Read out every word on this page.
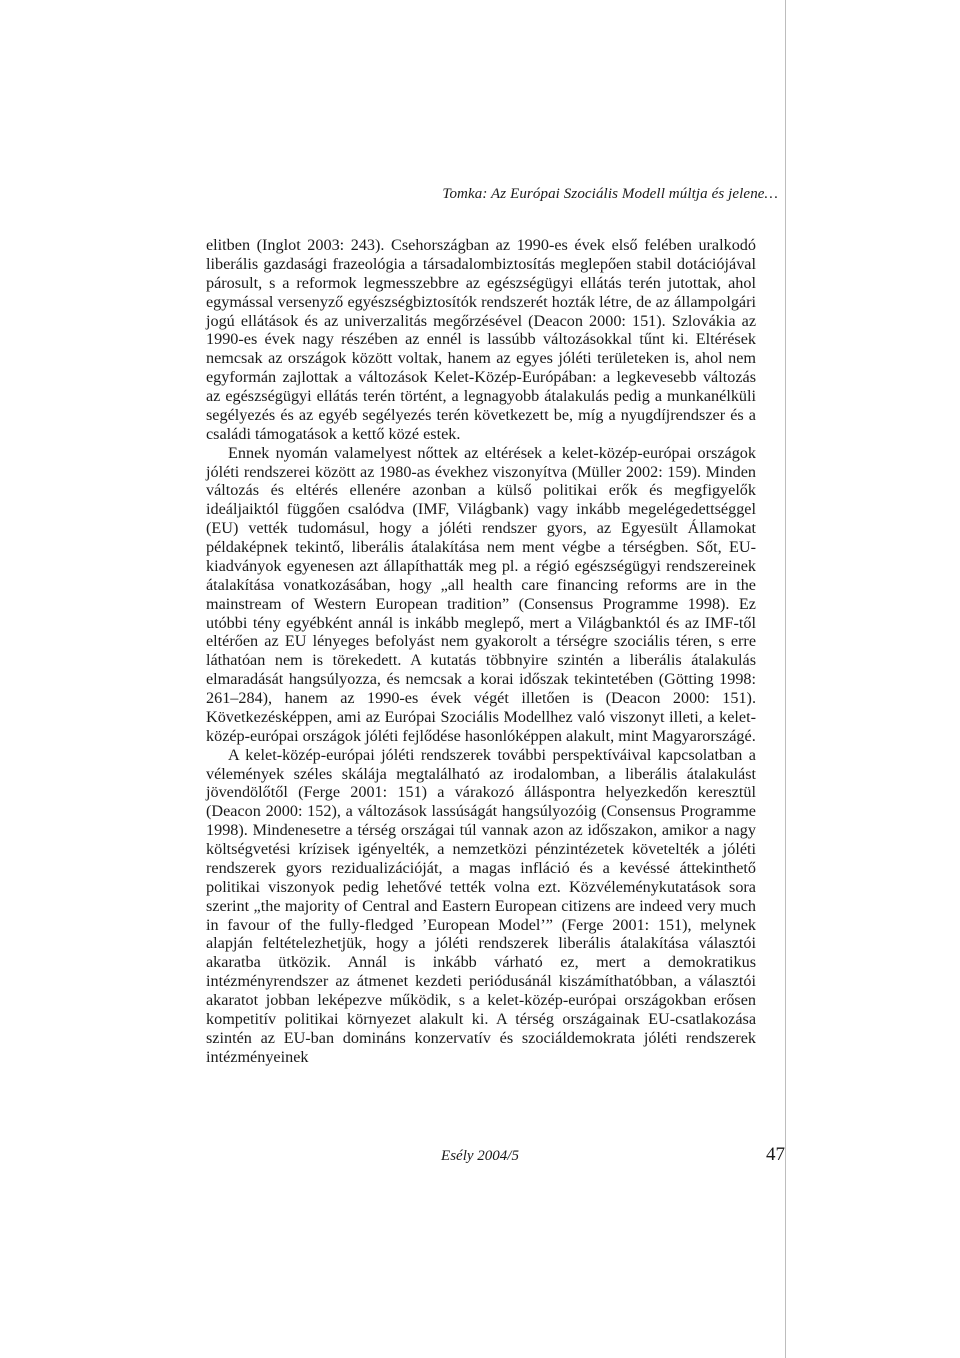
Tomka: Az Európai Szociális Modell múltja és jelene…

elitben (Inglot 2003: 243). Csehországban az 1990-es évek első felében uralkodó liberális gazdasági frazeológia a társadalombiztosítás meglepően stabil dotációjával párosult, s a reformok legmesszebbre az egészségügyi ellátás terén jutottak, ahol egymással versenyző egyészségbiztosítók rendszerét hozták létre, de az állampolgári jogú ellátások és az univerzalitás megőrzésével (Deacon 2000: 151). Szlovákia az 1990-es évek nagy részében az ennél is lassúbb változásokkal tűnt ki. Eltérések nemcsak az országok között voltak, hanem az egyes jóléti területeken is, ahol nem egyformán zajlottak a változások Kelet-Közép-Európában: a legkevesebb változás az egészségügyi ellátás terén történt, a legnagyobb átalakulás pedig a munkanélküli segélyezés és az egyéb segélyezés terén következett be, míg a nyugdíjrendszer és a családi támogatások a kettő közé estek.

Ennek nyomán valamelyest nőttek az eltérések a kelet-közép-európai országok jóléti rendszerei között az 1980-as évekhez viszonyítva (Müller 2002: 159). Minden változás és eltérés ellenére azonban a külső politikai erők és megfigyelők ideáljaiktól függően csalódva (IMF, Világbank) vagy inkább megelégedettséggel (EU) vették tudomásul, hogy a jóléti rendszer gyors, az Egyesült Államokat példaképnek tekintő, liberális átalakítása nem ment végbe a térségben. Sőt, EU-kiadványok egyenesen azt állapíthatták meg pl. a régió egészségügyi rendszereinek átalakítása vonatkozásában, hogy „all health care financing reforms are in the mainstream of Western European tradition” (Consensus Programme 1998). Ez utóbbi tény egyébként annál is inkább meglepő, mert a Világbanktól és az IMF-től eltérően az EU lényeges befolyást nem gyakorolt a térségre szociális téren, s erre láthatóan nem is törekedett. A kutatás többnyire szintén a liberális átalakulás elmaradását hangsúlyozza, és nemcsak a korai időszak tekintetében (Götting 1998: 261–284), hanem az 1990-es évek végét illetően is (Deacon 2000: 151). Következésképpen, ami az Európai Szociális Modellhez való viszonyt illeti, a kelet-közép-európai országok jóléti fejlődése hasonlóképpen alakult, mint Magyarországé.

A kelet-közép-európai jóléti rendszerek további perspektíváival kapcsolatban a vélemények széles skálája megtalálható az irodalomban, a liberális átalakulást jövendölőtől (Ferge 2001: 151) a várakozó álláspontra helyezkedőn keresztül (Deacon 2000: 152), a változások lassúságát hangsúlyozóig (Consensus Programme 1998). Mindenesetre a térség országai túl vannak azon az időszakon, amikor a nagy költségvetési krízisek igényelték, a nemzetközi pénzintézetek követelték a jóléti rendszerek gyors rezidualizációját, a magas infláció és a kevéssé áttekinthető politikai viszonyok pedig lehetővé tették volna ezt. Közvéleménykutatások sora szerint „the majority of Central and Eastern European citizens are indeed very much in favour of the fully-fledged ’European Model’” (Ferge 2001: 151), melynek alapján feltételezhetjük, hogy a jóléti rendszerek liberális átalakítása választói akaratba ütközik. Annál is inkább várható ez, mert a demokratikus intézményrendszer az átmenet kezdeti periódusánál kiszámíthatóbban, a választói akaratot jobban leképezve működik, s a kelet-közép-európai országokban erősen kompetitív politikai környezet alakult ki. A térség országainak EU-csatlakozása szintén az EU-ban domináns konzervatív és szociáldemokrata jóléti rendszerek intézményeinek

Esély 2004/5	47
